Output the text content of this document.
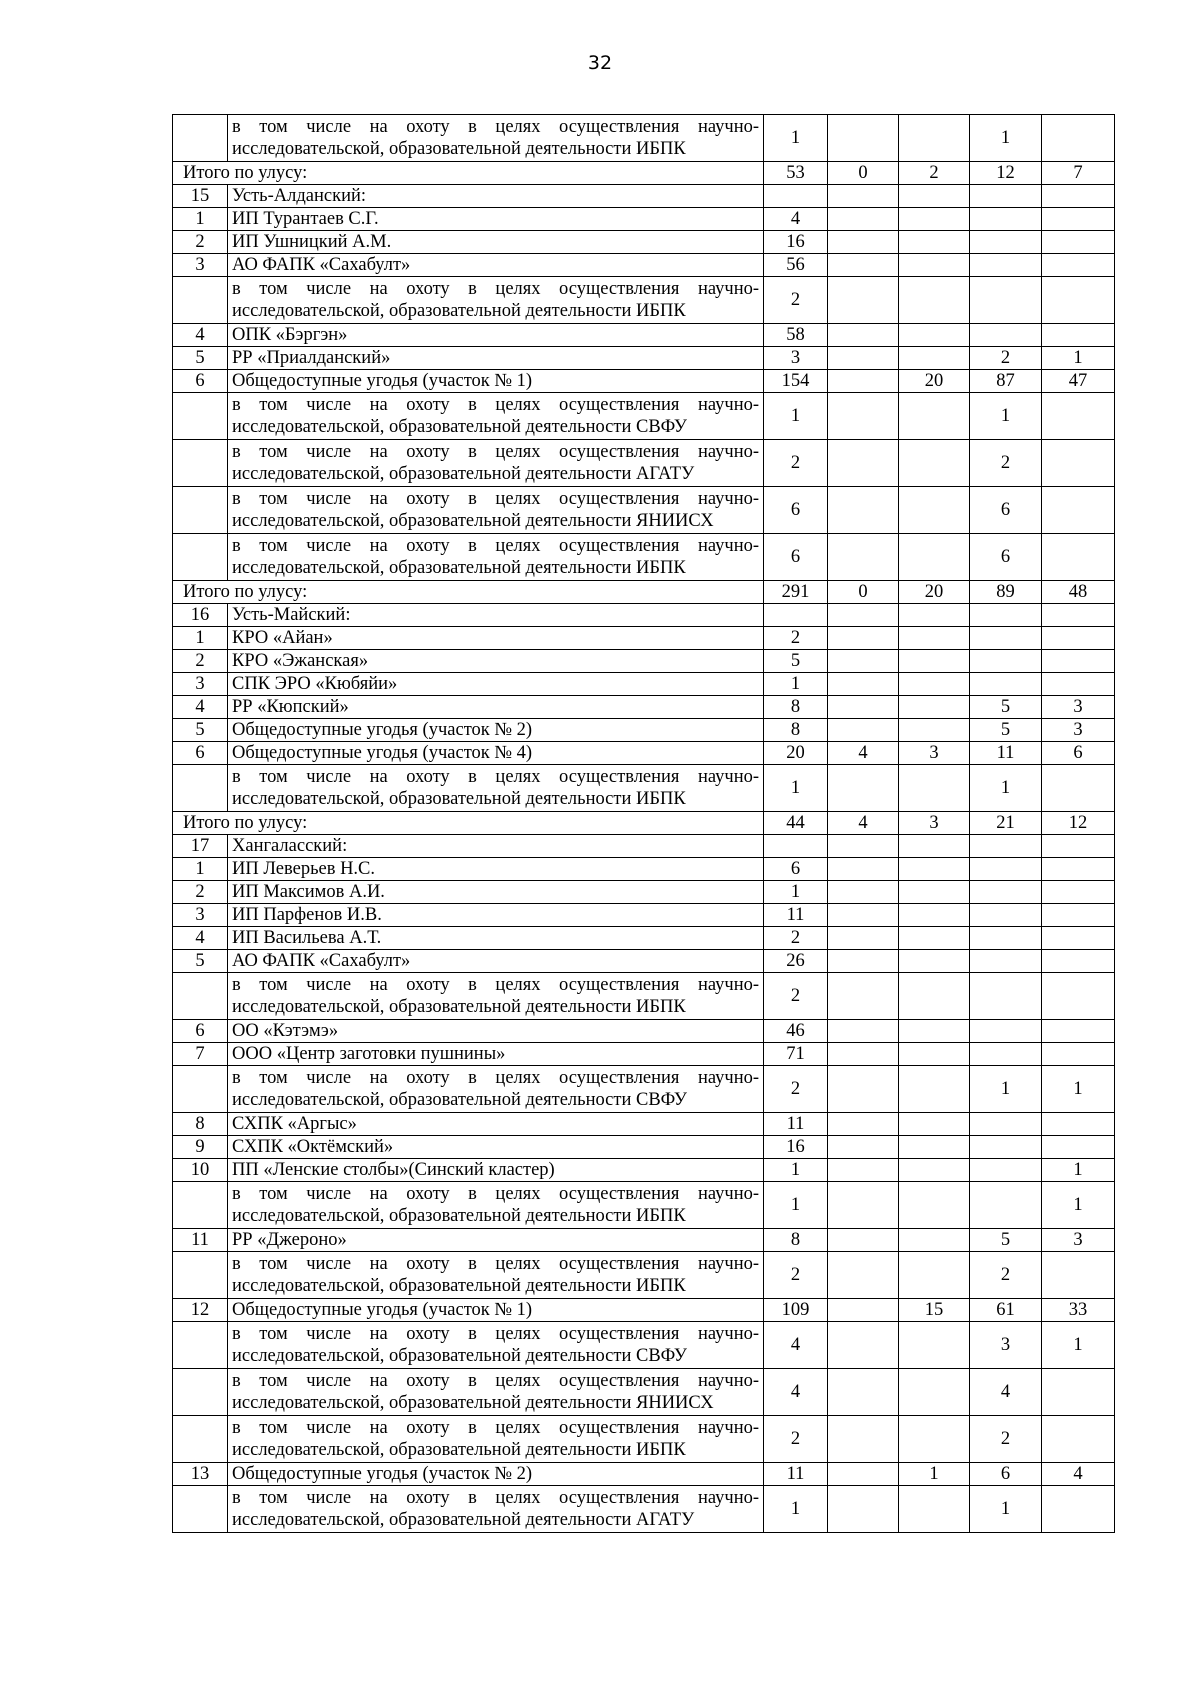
32
	в том числе на охоту в целях осуществления научно-исследовательской, образовательной деятельности ИБПК	1			1	
Итого по улусу:		53	0	2	12	7
15	Усть-Алданский:					
1	ИП Турантаев С.Г.	4				
2	ИП Ушницкий А.М.	16				
3	АО ФАПК «Сахабулт»	56				
	в том числе на охоту в целях осуществления научно-исследовательской, образовательной деятельности ИБПК	2				
4	ОПК «Бэргэн»	58				
5	РР «Приалданский»	3			2	1
6	Общедоступные угодья (участок № 1)	154		20	87	47
	в том числе на охоту в целях осуществления научно-исследовательской, образовательной деятельности СВФУ	1			1	
	в том числе на охоту в целях осуществления научно-исследовательской, образовательной деятельности АГАТУ	2			2	
	в том числе на охоту в целях осуществления научно-исследовательской, образовательной деятельности ЯНИИСХ	6			6	
	в том числе на охоту в целях осуществления научно-исследовательской, образовательной деятельности ИБПК	6			6	
Итого по улусу:		291	0	20	89	48
16	Усть-Майский:					
1	КРО «Айан»	2				
2	КРО «Эжанская»	5				
3	СПК ЭРО «Кюбяйи»	1				
4	РР «Кюпский»	8			5	3
5	Общедоступные угодья (участок № 2)	8			5	3
6	Общедоступные угодья (участок № 4)	20	4	3	11	6
	в том числе на охоту в целях осуществления научно-исследовательской, образовательной деятельности ИБПК	1			1	
Итого по улусу:		44	4	3	21	12
17	Хангаласский:					
1	ИП Леверьев Н.С.	6				
2	ИП Максимов А.И.	1				
3	ИП Парфенов И.В.	11				
4	ИП Васильева А.Т.	2				
5	АО ФАПК «Сахабулт»	26				
	в том числе на охоту в целях осуществления научно-исследовательской, образовательной деятельности ИБПК	2				
6	ОО «Кэтэмэ»	46				
7	ООО «Центр заготовки пушнины»	71				
	в том числе на охоту в целях осуществления научно-исследовательской, образовательной деятельности СВФУ	2			1	1
8	СХПК «Аргыс»	11				
9	СХПК «Октёмский»	16				
10	ПП «Ленские столбы»(Синский кластер)	1				1
	в том числе на охоту в целях осуществления научно-исследовательской, образовательной деятельности ИБПК	1				1
11	РР «Джероно»	8			5	3
	в том числе на охоту в целях осуществления научно-исследовательской, образовательной деятельности ИБПК	2			2	
12	Общедоступные угодья (участок № 1)	109		15	61	33
	в том числе на охоту в целях осуществления научно-исследовательской, образовательной деятельности СВФУ	4			3	1
	в том числе на охоту в целях осуществления научно-исследовательской, образовательной деятельности ЯНИИСХ	4			4	
	в том числе на охоту в целях осуществления научно-исследовательской, образовательной деятельности ИБПК	2			2	
13	Общедоступные угодья (участок № 2)	11		1	6	4
	в том числе на охоту в целях осуществления научно-исследовательской, образовательной деятельности АГАТУ	1			1	
